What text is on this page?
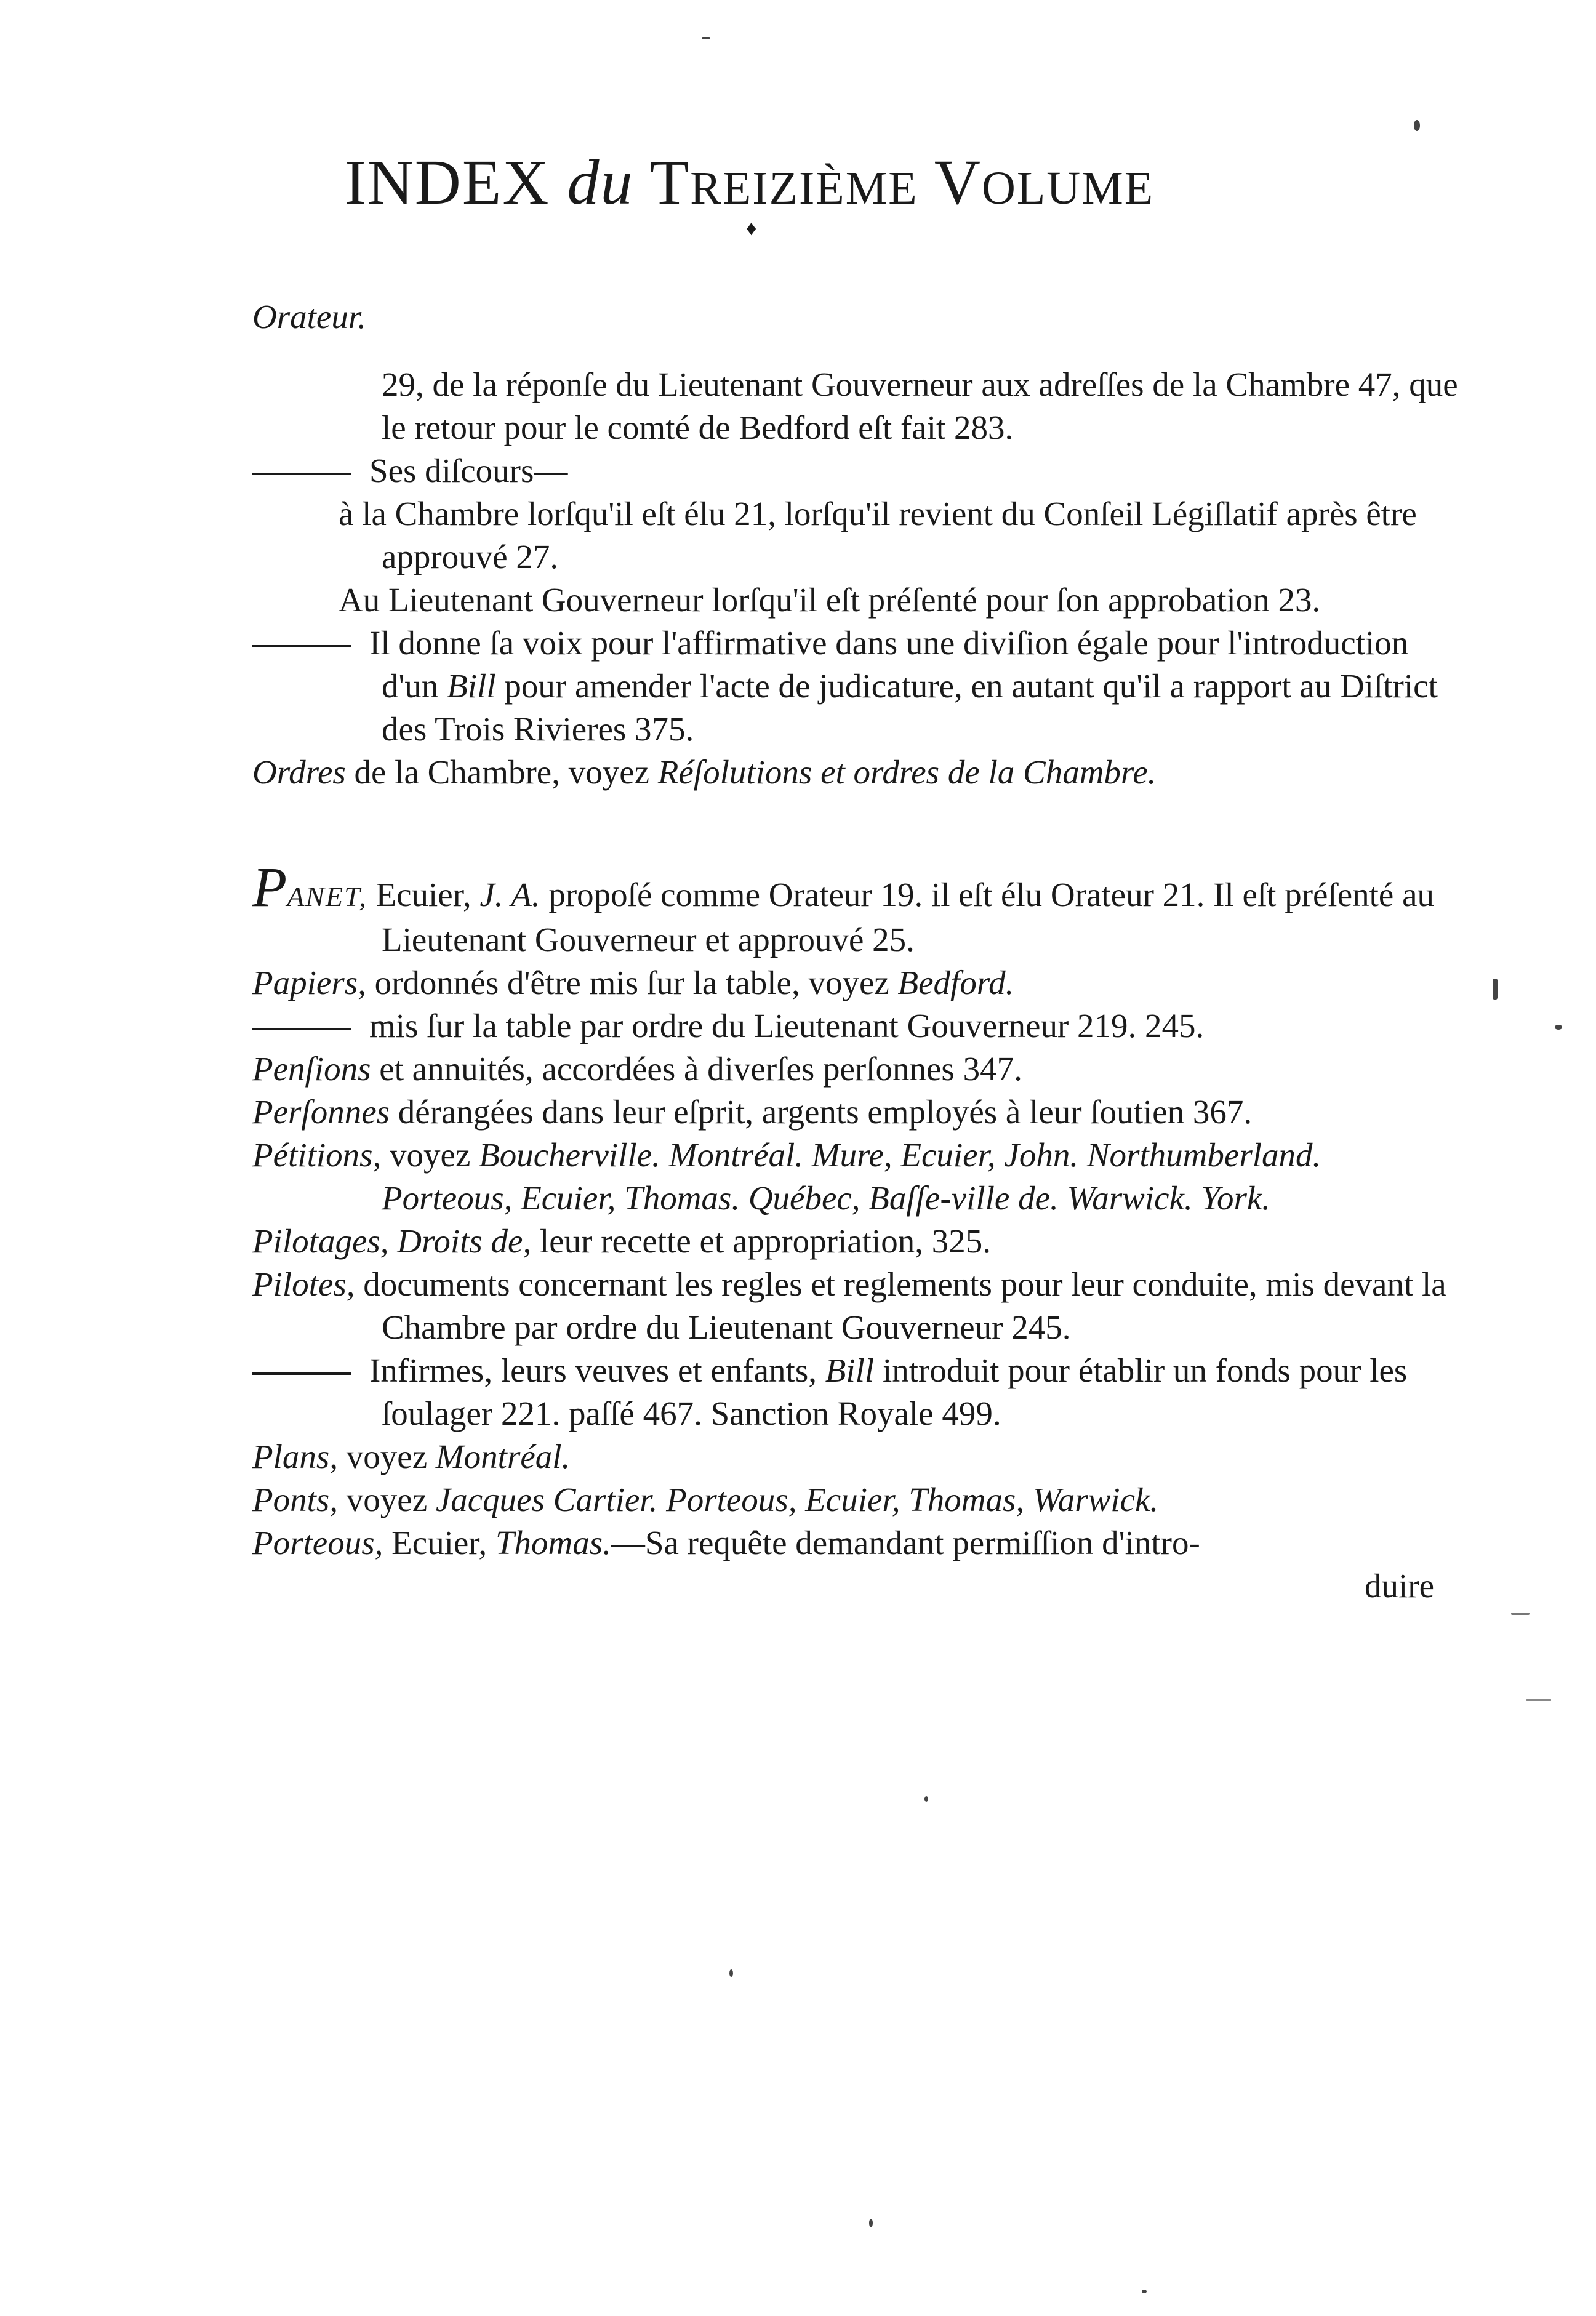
INDEX du TREIZIÈME VOLUME
♦

Orateur.

29, de la réponſe du Lieutenant Gouverneur aux adreſſes de la Chambre 47, que le retour pour le comté de Bedford eſt fait 283.

Ses diſcours—

à la Chambre lorſqu'il eſt élu 21, lorſqu'il revient du Conſeil Légiſlatif après être approuvé 27.

Au Lieutenant Gouverneur lorſqu'il eſt préſenté pour ſon approbation 23.

Il donne ſa voix pour l'affirmative dans une diviſion égale pour l'introduction d'un Bill pour amender l'acte de judicature, en autant qu'il a rapport au Diſtrict des Trois Rivieres 375.

Ordres de la Chambre, voyez Réſolutions et ordres de la Chambre.

PANET, Ecuier, J. A. propoſé comme Orateur 19. il eſt élu Orateur 21. Il eſt préſenté au Lieutenant Gouverneur et approuvé 25.

Papiers, ordonnés d'être mis ſur la table, voyez Bedford.

mis ſur la table par ordre du Lieutenant Gouverneur 219. 245.

Penſions et annuités, accordées à diverſes perſonnes 347.

Perſonnes dérangées dans leur eſprit, argents employés à leur ſoutien 367.

Pétitions, voyez Boucherville. Montréal. Mure, Ecuier, John. Northumberland. Porteous, Ecuier, Thomas. Québec, Baſſe-ville de. Warwick. York.

Pilotages, Droits de, leur recette et appropriation, 325.

Pilotes, documents concernant les regles et reglements pour leur conduite, mis devant la Chambre par ordre du Lieutenant Gouverneur 245.

Infirmes, leurs veuves et enfants, Bill introduit pour établir un fonds pour les ſoulager 221. paſſé 467. Sanction Royale 499.

Plans, voyez Montréal.

Ponts, voyez Jacques Cartier. Porteous, Ecuier, Thomas, Warwick.

Porteous, Ecuier, Thomas.—Sa requête demandant permiſſion d'intro-

duire
